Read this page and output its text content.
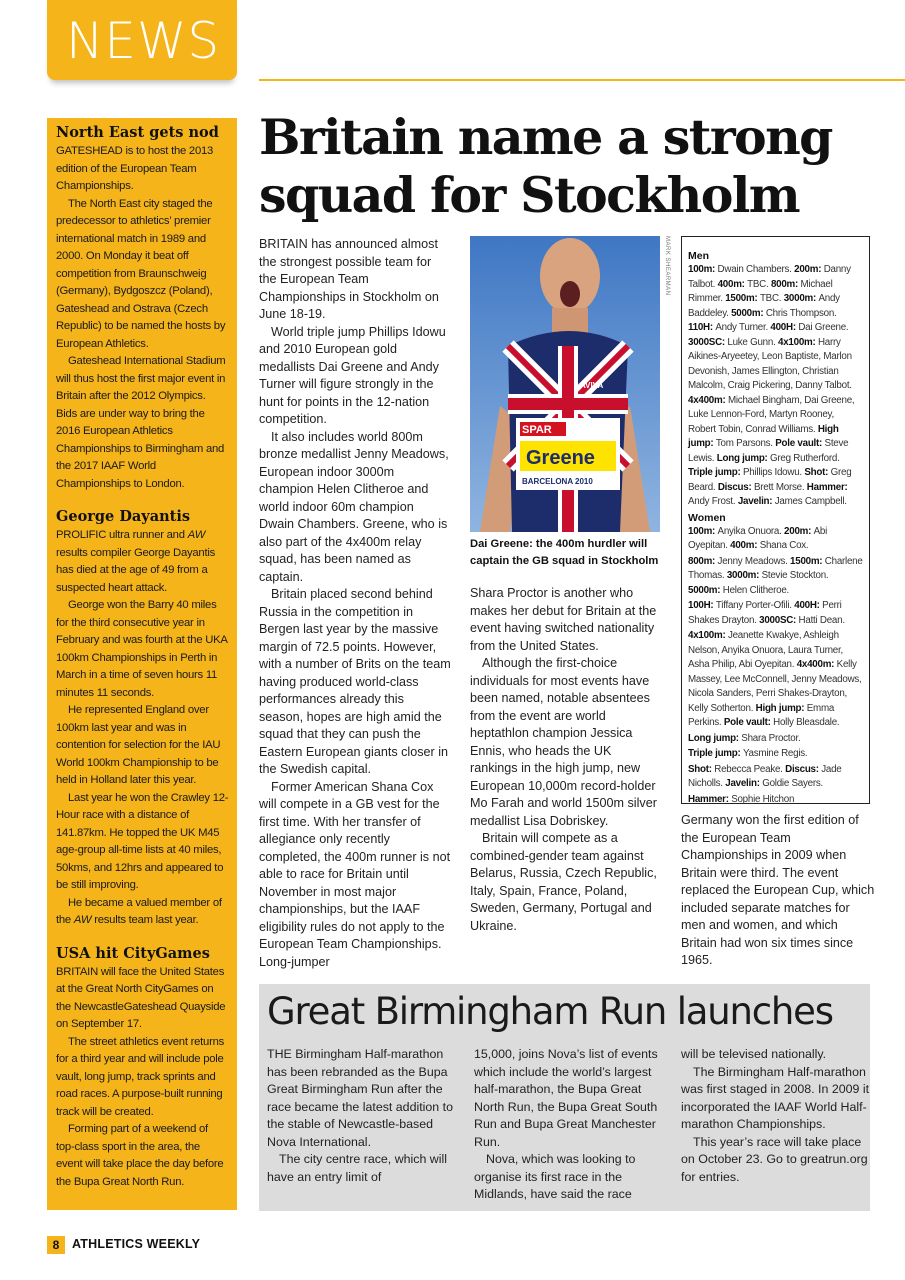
NEWS
North East gets nod

GATESHEAD is to host the 2013 edition of the European Team Championships.

The North East city staged the predecessor to athletics’ premier international match in 1989 and 2000. On Monday it beat off competition from Braunschweig (Germany), Bydgoszcz (Poland), Gateshead and Ostrava (Czech Republic) to be named the hosts by European Athletics.

Gateshead International Stadium will thus host the first major event in Britain after the 2012 Olympics. Bids are under way to bring the 2016 European Athletics Championships to Birmingham and the 2017 IAAF World Championships to London.

George Dayantis

PROLIFIC ultra runner and AW results compiler George Dayantis has died at the age of 49 from a suspected heart attack.

George won the Barry 40 miles for the third consecutive year in February and was fourth at the UKA 100km Championships in Perth in March in a time of seven hours 11 minutes 11 seconds.

He represented England over 100km last year and was in contention for selection for the IAU World 100km Championship to be held in Holland later this year.

Last year he won the Crawley 12-Hour race with a distance of 141.87km. He topped the UK M45 age-group all-time lists at 40 miles, 50kms, and 12hrs and appeared to be still improving.

He became a valued member of the AW results team last year.

USA hit CityGames

BRITAIN will face the United States at the Great North CityGames on the NewcastleGateshead Quayside on September 17.

The street athletics event returns for a third year and will include pole vault, long jump, track sprints and road races. A purpose-built running track will be created.

Forming part of a weekend of top-class sport in the area, the event will take place the day before the Bupa Great North Run.

Britain name a strong
squad for Stockholm

BRITAIN has announced almost the strongest possible team for the European Team Championships in Stockholm on June 18-19.

World triple jump Phillips Idowu and 2010 European gold medallists Dai Greene and Andy Turner will figure strongly in the hunt for points in the 12-nation competition.

It also includes world 800m bronze medallist Jenny Meadows, European indoor 3000m champion Helen Clitheroe and world indoor 60m champion Dwain Chambers. Greene, who is also part of the 4x400m relay squad, has been named as captain.

Britain placed second behind Russia in the competition in Bergen last year by the massive margin of 72.5 points. However, with a number of Brits on the team having produced world-class performances already this season, hopes are high amid the squad that they can push the Eastern European giants closer in the Swedish capital.

Former American Shana Cox will compete in a GB vest for the first time. With her transfer of allegiance only recently completed, the 400m runner is not able to race for Britain until November in most major championships, but the IAAF eligibility rules do not apply to the European Team Championships. Long-jumper

SPAR
Greene
BARCELONA 2010
AVIVA
MARK SHEARMAN
Dai Greene: the 400m hurdler will captain the GB squad in Stockholm

Shara Proctor is another who makes her debut for Britain at the event having switched nationality from the United States.

Although the first-choice individuals for most events have been named, notable absentees from the event are world heptathlon champion Jessica Ennis, who heads the UK rankings in the high jump, new European 10,000m record-holder Mo Farah and world 1500m silver medallist Lisa Dobriskey.

Britain will compete as a combined-gender team against Belarus, Russia, Czech Republic, Italy, Spain, France, Poland, Sweden, Germany, Portugal and Ukraine.

Men
100m: Dwain Chambers. 200m: Danny Talbot. 400m: TBC. 800m: Michael Rimmer. 1500m: TBC. 3000m: Andy Baddeley. 5000m: Chris Thompson. 110H: Andy Turner. 400H: Dai Greene. 3000SC: Luke Gunn. 4x100m: Harry Aikines-Aryeetey, Leon Baptiste, Marlon Devonish, James Ellington, Christian Malcolm, Craig Pickering, Danny Talbot. 4x400m: Michael Bingham, Dai Greene, Luke Lennon-Ford, Martyn Rooney, Robert Tobin, Conrad Williams. High jump: Tom Parsons. Pole vault: Steve Lewis. Long jump: Greg Rutherford. Triple jump: Phillips Idowu. Shot: Greg Beard. Discus: Brett Morse. Hammer: Andy Frost. Javelin: James Campbell.
Women
100m: Anyika Onuora. 200m: Abi Oyepitan. 400m: Shana Cox.
800m: Jenny Meadows. 1500m: Charlene Thomas. 3000m: Stevie Stockton. 5000m: Helen Clitheroe.
100H: Tiffany Porter-Ofili. 400H: Perri Shakes Drayton. 3000SC: Hatti Dean.
4x100m: Jeanette Kwakye, Ashleigh Nelson, Anyika Onuora, Laura Turner, Asha Philip, Abi Oyepitan. 4x400m: Kelly Massey, Lee McConnell, Jenny Meadows, Nicola Sanders, Perri Shakes-Drayton, Kelly Sotherton. High jump: Emma Perkins. Pole vault: Holly Bleasdale.
Long jump: Shara Proctor.
Triple jump: Yasmine Regis.
Shot: Rebecca Peake. Discus: Jade Nicholls. Javelin: Goldie Sayers.
Hammer: Sophie Hitchon

Germany won the first edition of the European Team Championships in 2009 when Britain were third. The event replaced the European Cup, which included separate matches for men and women, and which Britain had won six times since 1965.

Great Birmingham Run launches

THE Birmingham Half-marathon has been rebranded as the Bupa Great Birmingham Run after the race became the latest addition to the stable of Newcastle-based Nova International.

The city centre race, which will have an entry limit of

15,000, joins Nova’s list of events which include the world’s largest half-marathon, the Bupa Great North Run, the Bupa Great South Run and Bupa Great Manchester Run.

Nova, which was looking to organise its first race in the Midlands, have said the race

will be televised nationally.

The Birmingham Half-marathon was first staged in 2008. In 2009 it incorporated the IAAF World Half-marathon Championships.

This year’s race will take place on October 23. Go to greatrun.org for entries.

8	ATHLETICS WEEKLY
